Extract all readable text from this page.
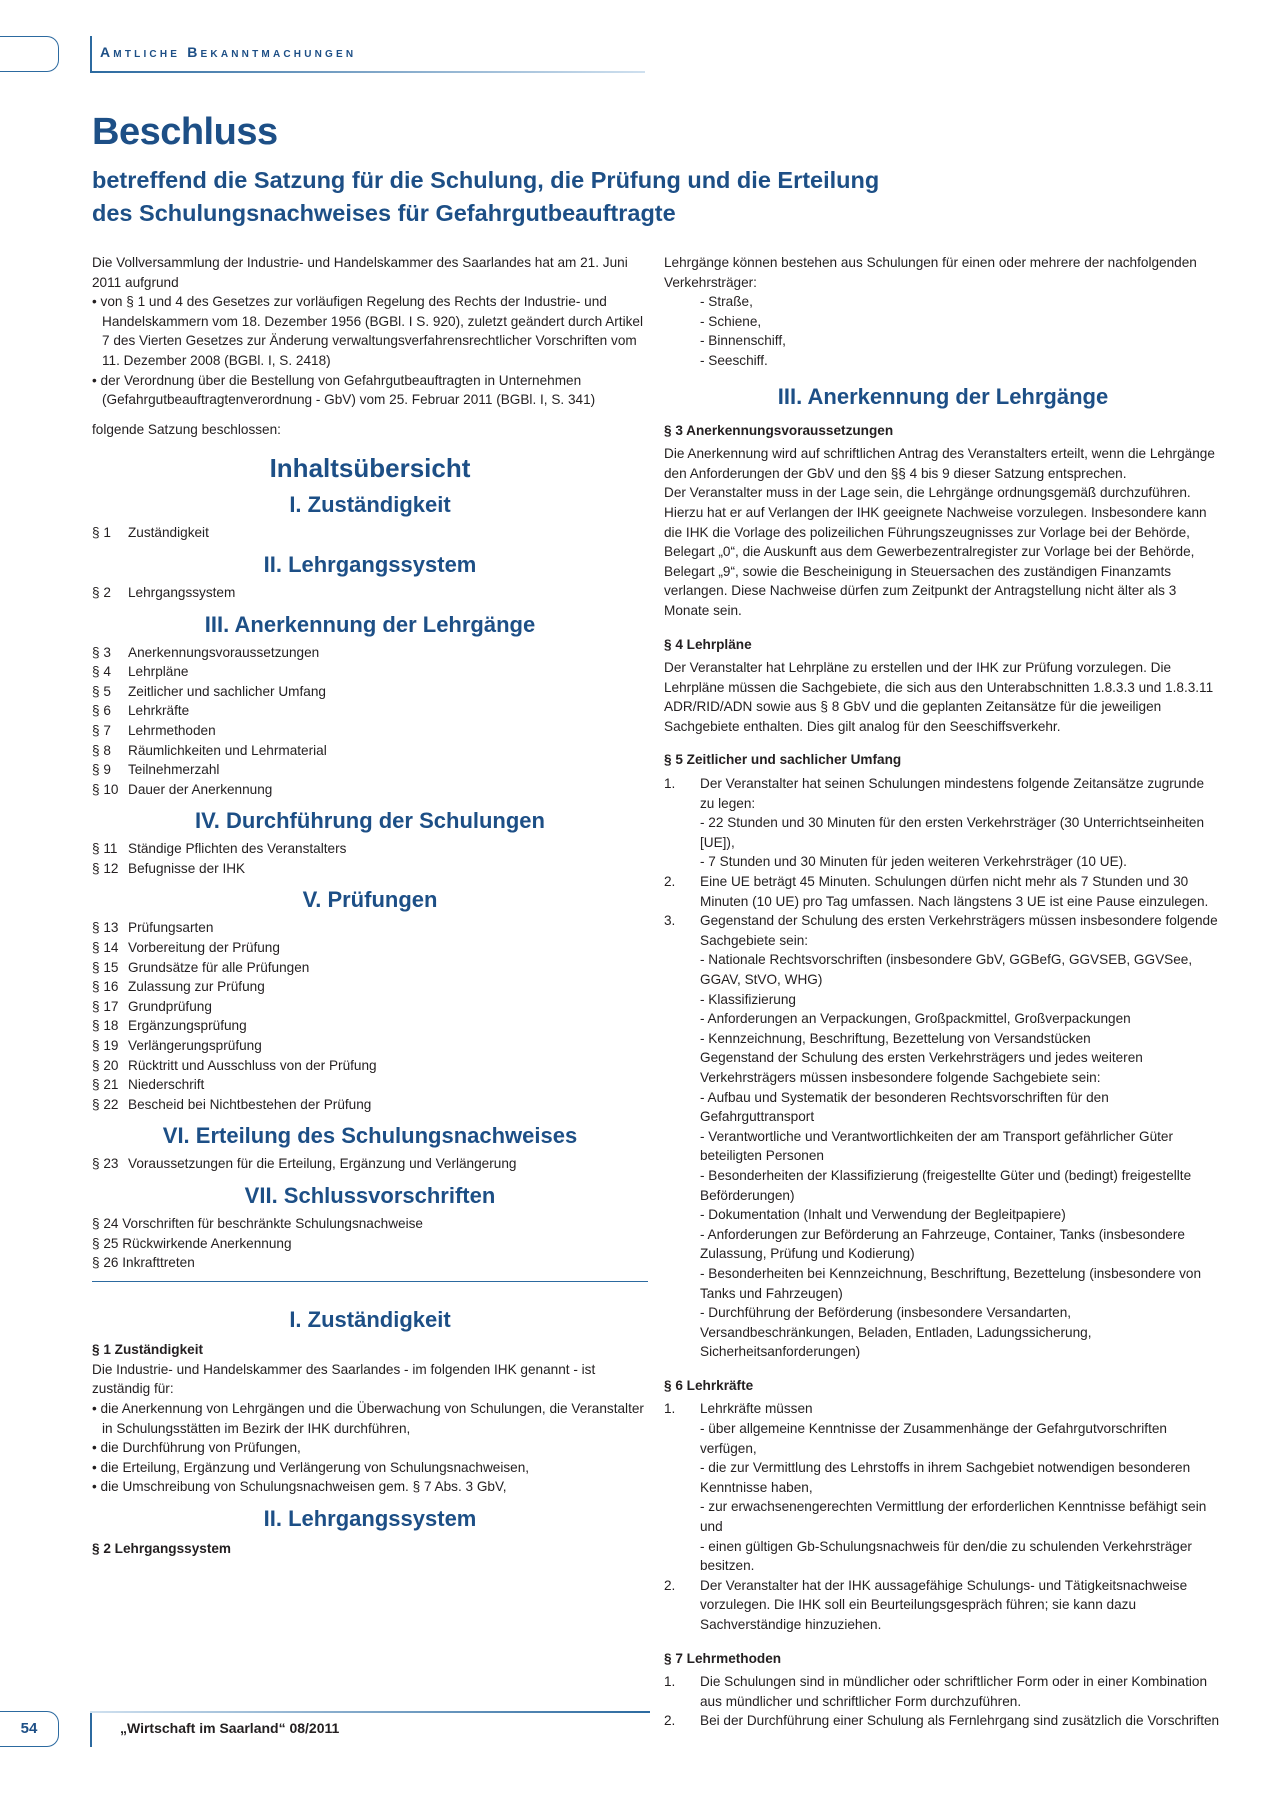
Amtliche Bekanntmachungen
Beschluss
betreffend die Satzung für die Schulung, die Prüfung und die Erteilung
des Schulungsnachweises für Gefahrgutbeauftragte

Die Vollversammlung der Industrie- und Handelskammer des Saarlandes hat am 21. Juni 2011 aufgrund

• von § 1 und 4 des Gesetzes zur vorläufigen Regelung des Rechts der Industrie- und Handelskammern vom 18. Dezember 1956 (BGBl. I S. 920), zuletzt geändert durch Artikel 7 des Vierten Gesetzes zur Änderung verwaltungsverfahrensrechtlicher Vorschriften vom 11. Dezember 2008 (BGBl. I, S. 2418)

• der Verordnung über die Bestellung von Gefahrgutbeauftragten in Unternehmen (Gefahrgutbeauftragtenverordnung - GbV) vom 25. Februar 2011 (BGBl. I, S. 341)

folgende Satzung beschlossen:

Inhaltsübersicht
I. Zuständigkeit
§ 1	Zuständigkeit
II. Lehrgangssystem
§ 2	Lehrgangssystem
III. Anerkennung der Lehrgänge
§ 3	Anerkennungsvoraussetzungen
§ 4	Lehrpläne
§ 5	Zeitlicher und sachlicher Umfang
§ 6	Lehrkräfte
§ 7	Lehrmethoden
§ 8	Räumlichkeiten und Lehrmaterial
§ 9	Teilnehmerzahl
§ 10 Dauer der Anerkennung
IV. Durchführung der Schulungen
§ 11 Ständige Pflichten des Veranstalters
§ 12 Befugnisse der IHK
V. Prüfungen
§ 13 Prüfungsarten
§ 14 Vorbereitung der Prüfung
§ 15 Grundsätze für alle Prüfungen
§ 16 Zulassung zur Prüfung
§ 17 Grundprüfung
§ 18 Ergänzungsprüfung
§ 19 Verlängerungsprüfung
§ 20 Rücktritt und Ausschluss von der Prüfung
§ 21 Niederschrift
§ 22 Bescheid bei Nichtbestehen der Prüfung
VI. Erteilung des Schulungsnachweises
§ 23 Voraussetzungen für die Erteilung, Ergänzung und Verlängerung
VII. Schlussvorschriften
§ 24 Vorschriften für beschränkte Schulungsnachweise
§ 25 Rückwirkende Anerkennung
§ 26 Inkrafttreten
I. Zuständigkeit

§ 1 Zuständigkeit

Die Industrie- und Handelskammer des Saarlandes - im folgenden IHK genannt - ist zuständig für:

• die Anerkennung von Lehrgängen und die Überwachung von Schulungen, die Veranstalter in Schulungsstätten im Bezirk der IHK durchführen,

• die Durchführung von Prüfungen,

• die Erteilung, Ergänzung und Verlängerung von Schulungsnachweisen,

• die Umschreibung von Schulungsnachweisen gem. § 7 Abs. 3 GbV,

II. Lehrgangssystem

§ 2 Lehrgangssystem

Lehrgänge können bestehen aus Schulungen für einen oder mehrere der nachfolgenden Verkehrsträger:

- Straße,
- Schiene,
- Binnenschiff,
- Seeschiff.
III. Anerkennung der Lehrgänge

§ 3 Anerkennungsvoraussetzungen

Die Anerkennung wird auf schriftlichen Antrag des Veranstalters erteilt, wenn die Lehrgänge den Anforderungen der GbV und den §§ 4 bis 9 dieser Satzung entsprechen.

Der Veranstalter muss in der Lage sein, die Lehrgänge ordnungsgemäß durchzuführen. Hierzu hat er auf Verlangen der IHK geeignete Nachweise vorzulegen. Insbesondere kann die IHK die Vorlage des polizeilichen Führungszeugnisses zur Vorlage bei der Behörde, Belegart „0“, die Auskunft aus dem Gewerbezentralregister zur Vorlage bei der Behörde, Belegart „9“, sowie die Bescheinigung in Steuersachen des zuständigen Finanzamts verlangen. Diese Nachweise dürfen zum Zeitpunkt der Antragstellung nicht älter als 3 Monate sein.

§ 4 Lehrpläne

Der Veranstalter hat Lehrpläne zu erstellen und der IHK zur Prüfung vorzulegen. Die Lehrpläne müssen die Sachgebiete, die sich aus den Unterabschnitten 1.8.3.3 und 1.8.3.11 ADR/RID/ADN sowie aus § 8 GbV und die geplanten Zeitansätze für die jeweiligen Sachgebiete enthalten. Dies gilt analog für den Seeschiffsverkehr.

§ 5 Zeitlicher und sachlicher Umfang

1.	Der Veranstalter hat seinen Schulungen mindestens folgende Zeitansätze zugrunde zu legen:
- 22 Stunden und 30 Minuten für den ersten Verkehrsträger (30 Unterrichtseinheiten [UE]),
- 7 Stunden und 30 Minuten für jeden weiteren Verkehrsträger (10 UE).
2.	Eine UE beträgt 45 Minuten. Schulungen dürfen nicht mehr als 7 Stunden und 30 Minuten (10 UE) pro Tag umfassen. Nach längstens 3 UE ist eine Pause einzulegen.
3.	Gegenstand der Schulung des ersten Verkehrsträgers müssen insbesondere folgende Sachgebiete sein:
- Nationale Rechtsvorschriften (insbesondere GbV, GGBefG, GGVSEB, GGVSee, GGAV, StVO, WHG)
- Klassifizierung
- Anforderungen an Verpackungen, Großpackmittel, Großverpackungen
- Kennzeichnung, Beschriftung, Bezettelung von Versandstücken
Gegenstand der Schulung des ersten Verkehrsträgers und jedes weiteren Verkehrsträgers müssen insbesondere folgende Sachgebiete sein:
- Aufbau und Systematik der besonderen Rechtsvorschriften für den Gefahrguttransport
- Verantwortliche und Verantwortlichkeiten der am Transport gefährlicher Güter beteiligten Personen
- Besonderheiten der Klassifizierung (freigestellte Güter und (bedingt) freigestellte Beförderungen)
- Dokumentation (Inhalt und Verwendung der Begleitpapiere)
- Anforderungen zur Beförderung an Fahrzeuge, Container, Tanks (insbesondere Zulassung, Prüfung und Kodierung)
- Besonderheiten bei Kennzeichnung, Beschriftung, Bezettelung (insbesondere von Tanks und Fahrzeugen)
- Durchführung der Beförderung (insbesondere Versandarten, Versandbeschränkungen, Beladen, Entladen, Ladungssicherung, Sicherheitsanforderungen)

§ 6 Lehrkräfte

1.	Lehrkräfte müssen
- über allgemeine Kenntnisse der Zusammenhänge der Gefahrgutvorschriften verfügen,
- die zur Vermittlung des Lehrstoffs in ihrem Sachgebiet notwendigen besonderen Kenntnisse haben,
- zur erwachsenengerechten Vermittlung der erforderlichen Kenntnisse befähigt sein und
- einen gültigen Gb-Schulungsnachweis für den/die zu schulenden Verkehrsträger besitzen.
2.	Der Veranstalter hat der IHK aussagefähige Schulungs- und Tätigkeitsnachweise vorzulegen. Die IHK soll ein Beurteilungsgespräch führen; sie kann dazu Sachverständige hinzuziehen.

§ 7 Lehrmethoden

1.	Die Schulungen sind in mündlicher oder schriftlicher Form oder in einer Kombination aus mündlicher und schriftlicher Form durchzuführen.
2.	Bei der Durchführung einer Schulung als Fernlehrgang sind zusätzlich die Vorschriften
54	„Wirtschaft im Saarland“ 08/2011
